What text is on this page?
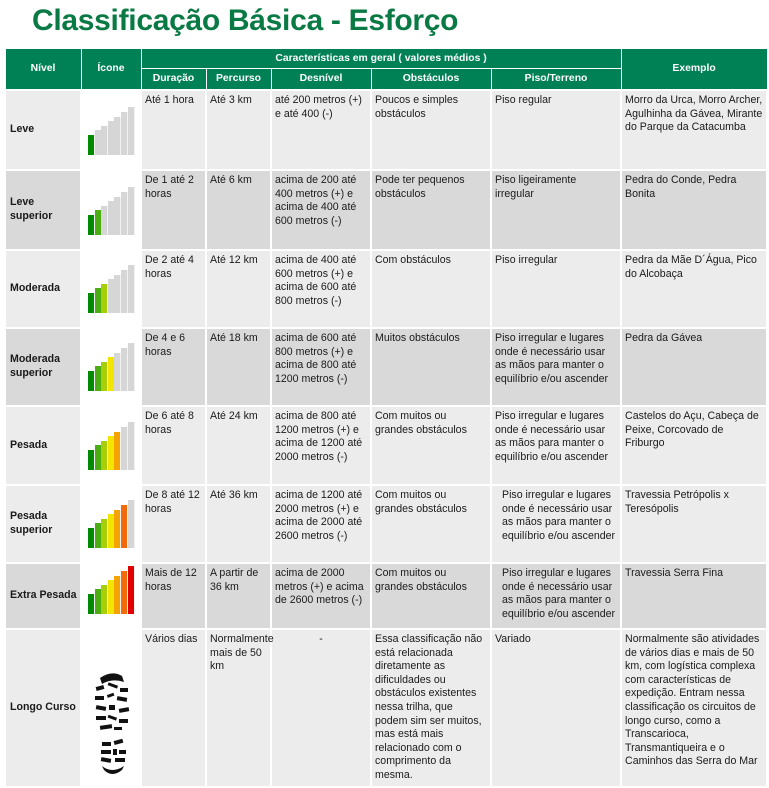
Classificação Básica - Esforço
Nível	Ícone	Características em geral ( valores médios )					Exemplo
		Duração	Percurso	Desnível	Obstáculos	Piso/Terreno	
Leve		Até 1 hora	Até 3 km	até 200 metros (+) e até 400 (-)	Poucos e simples obstáculos	Piso regular	Morro da Urca, Morro Archer, Agulhinha da Gávea, Mirante do Parque da Catacumba
Leve superior		De 1 até 2 horas	Até 6 km	acima de 200 até 400 metros (+) e acima de 400 até 600 metros (-)	Pode ter pequenos obstáculos	Piso ligeiramente irregular	Pedra do Conde, Pedra Bonita
Moderada		De 2 até 4 horas	Até 12 km	acima de 400 até 600 metros (+) e acima de 600 até 800 metros (-)	Com obstáculos	Piso irregular	Pedra da Mãe D´Água, Pico do Alcobaça
Moderada superior		De 4 e 6 horas	Até 18 km	acima de 600 até 800 metros (+) e acima de 800 até 1200 metros (-)	Muitos obstáculos	Piso irregular e lugares onde é necessário usar as mãos para manter o equilíbrio e/ou ascender	Pedra da Gávea
Pesada		De 6 até 8 horas	Até 24 km	acima de 800 até 1200 metros (+) e acima de 1200 até 2000 metros (-)	Com muitos ou grandes obstáculos	Piso irregular e lugares onde é necessário usar as mãos para manter o equilíbrio e/ou ascender	Castelos do Açu, Cabeça de Peixe, Corcovado de Friburgo
Pesada superior		De 8 até 12 horas	Até 36 km	acima de 1200 até 2000 metros (+) e acima de 2000 até 2600 metros (-)	Com muitos ou grandes obstáculos	Piso irregular e lugares onde é necessário usar as mãos para manter o equilíbrio e/ou ascender	Travessia Petrópolis x Teresópolis
Extra Pesada		Mais de 12 horas	A partir de 36 km	acima de 2000 metros (+) e acima de 2600 metros (-)	Com muitos ou grandes obstáculos	Piso irregular e lugares onde é necessário usar as mãos para manter o equilíbrio e/ou ascender	Travessia Serra Fina
Longo Curso		Vários dias	Normalmente mais de 50 km	-	Essa classificação não está relacionada diretamente as dificuldades ou obstáculos existentes nessa trilha, que podem sim ser muitos, mas está mais relacionado com o comprimento da mesma.	Variado	Normalmente são atividades de vários dias e mais de 50 km, com logística complexa com características de expedição. Entram nessa classificação os circuitos de longo curso, como a Transcarioca, Transmantiqueira e o Caminhos das Serra do Mar
